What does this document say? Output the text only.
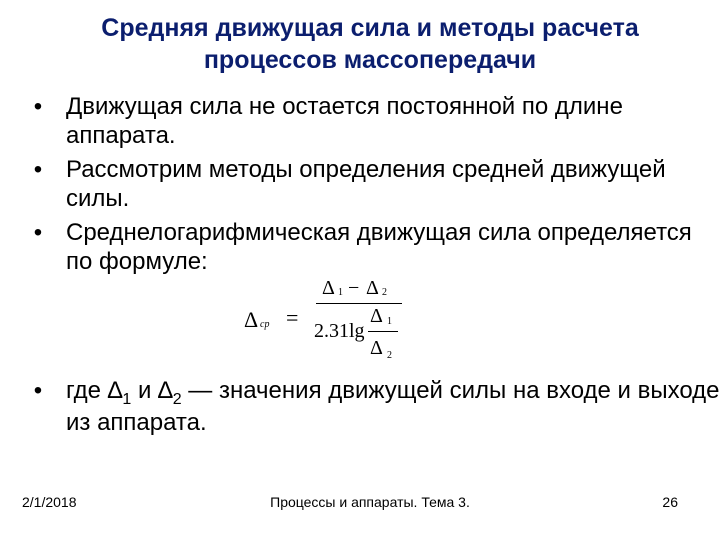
Средняя движущая сила и методы расчета процессов массопередачи
• Движущая сила не остается постоянной по длине аппарата.
• Рассмотрим методы определения средней движущей силы.
• Среднелогарифмическая движущая сила определяется по формуле:
Δ ср =
Δ 1 − Δ 2
2.31lg
Δ 1
Δ 2
• где $\Delta_1$ и $\Delta_2$ — значения движущей силы на входе и выходе из аппарата.
2/1/2018	Процессы и аппараты. Тема 3.	26
